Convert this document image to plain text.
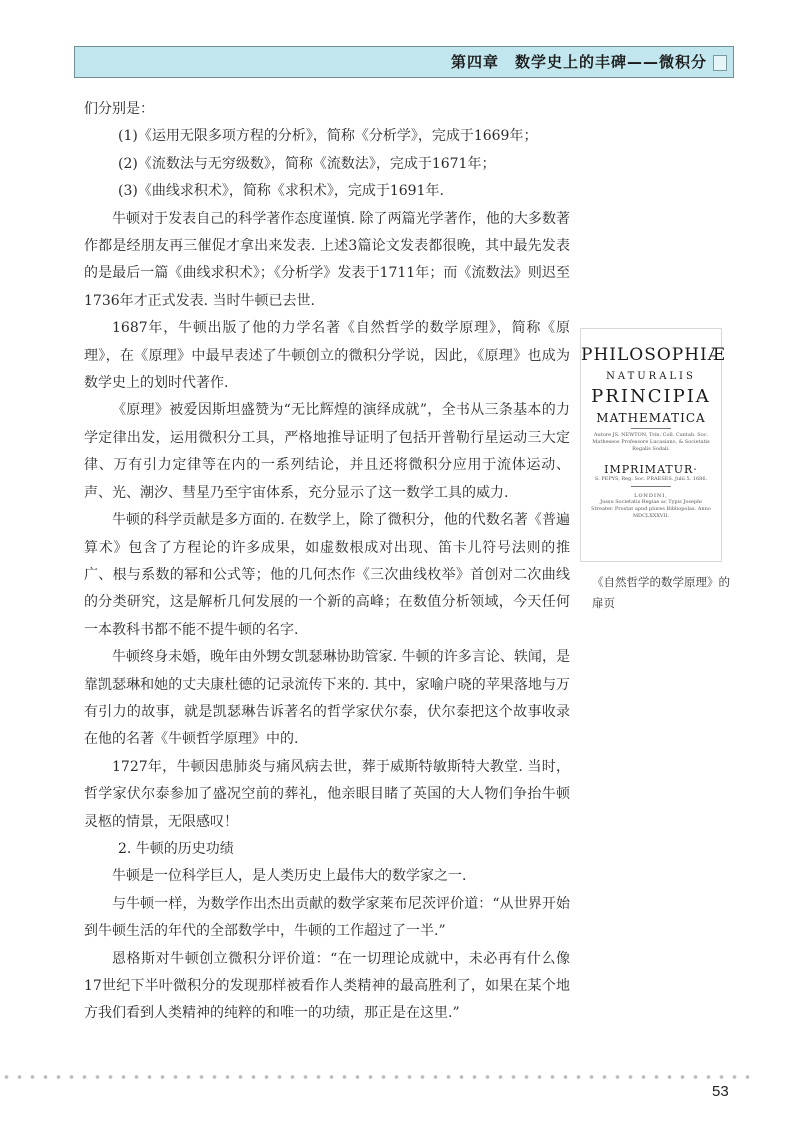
第四章　数学史上的丰碑——微积分

们分别是：

(1)《运用无限多项方程的分析》，简称《分析学》，完成于1669年；

(2)《流数法与无穷级数》，简称《流数法》，完成于1671年；

(3)《曲线求积术》，简称《求积术》，完成于1691年.

牛顿对于发表自己的科学著作态度谨慎. 除了两篇光学著作，他的大多数著作都是经朋友再三催促才拿出来发表. 上述3篇论文发表都很晚，其中最先发表的是最后一篇《曲线求积术》；《分析学》发表于1711年；而《流数法》则迟至1736年才正式发表. 当时牛顿已去世.

1687年，牛顿出版了他的力学名著《自然哲学的数学原理》，简称《原理》，在《原理》中最早表述了牛顿创立的微积分学说，因此，《原理》也成为数学史上的划时代著作.

《原理》被爱因斯坦盛赞为“无比辉煌的演绎成就”，全书从三条基本的力学定律出发，运用微积分工具，严格地推导证明了包括开普勒行星运动三大定律、万有引力定律等在内的一系列结论，并且还将微积分应用于流体运动、声、光、潮汐、彗星乃至宇宙体系，充分显示了这一数学工具的威力.

牛顿的科学贡献是多方面的. 在数学上，除了微积分，他的代数名著《普遍算术》包含了方程论的许多成果，如虚数根成对出现、笛卡儿符号法则的推广、根与系数的幂和公式等；他的几何杰作《三次曲线枚举》首创对二次曲线的分类研究，这是解析几何发展的一个新的高峰；在数值分析领域，今天任何一本教科书都不能不提牛顿的名字.

牛顿终身未婚，晚年由外甥女凯瑟琳协助管家. 牛顿的许多言论、轶闻，是靠凯瑟琳和她的丈夫康杜德的记录流传下来的. 其中，家喻户晓的苹果落地与万有引力的故事，就是凯瑟琳告诉著名的哲学家伏尔泰，伏尔泰把这个故事收录在他的名著《牛顿哲学原理》中的.

1727年，牛顿因患肺炎与痛风病去世，葬于威斯特敏斯特大教堂. 当时，哲学家伏尔泰参加了盛况空前的葬礼，他亲眼目睹了英国的大人物们争抬牛顿灵柩的情景，无限感叹！

2. 牛顿的历史功绩

牛顿是一位科学巨人，是人类历史上最伟大的数学家之一.

与牛顿一样，为数学作出杰出贡献的数学家莱布尼茨评价道：“从世界开始到牛顿生活的年代的全部数学中，牛顿的工作超过了一半.”

恩格斯对牛顿创立微积分评价道：“在一切理论成就中，未必再有什么像17世纪下半叶微积分的发现那样被看作人类精神的最高胜利了，如果在某个地方我们看到人类精神的纯粹的和唯一的功绩，那正是在这里.”

PHILOSOPHIÆ
NATURALIS
PRINCIPIA
MATHEMATICA
Autore JS. NEWTON, Trin. Coll. Cantab. Soc. Matheseos Professore Lucasiano, & Societatis Regalis Sodali.
IMPRIMATUR·
S. PEPYS, Reg. Soc. PRAESES. Julii 5. 1686.
LONDINI,
Jussu Societatis Regiae ac Typis Josephi Streater. Prostat apud plures Bibliopolas. Anno MDCLXXXVII.
《自然哲学的数学原理》的扉页
53
